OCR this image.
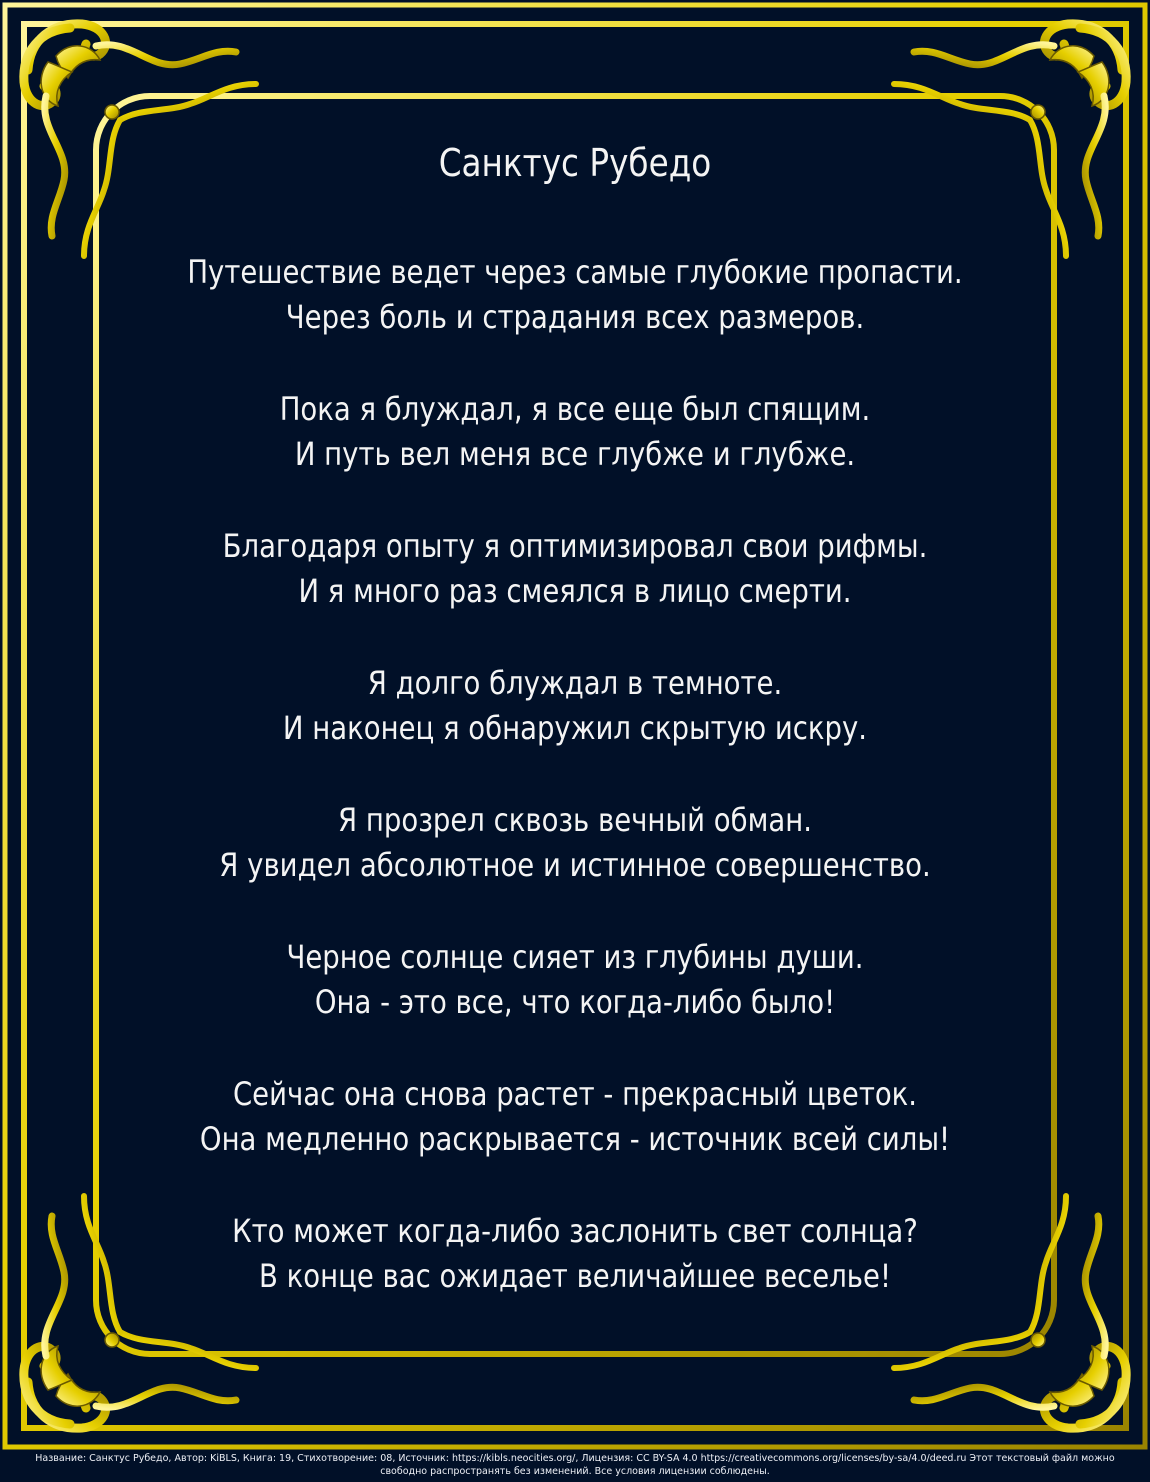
Санктус Рубедо
Путешествие ведет через самые глубокие пропасти.
Через боль и страдания всех размеров.
Пока я блуждал, я все еще был спящим.
И путь вел меня все глубже и глубже.
Благодаря опыту я оптимизировал свои рифмы.
И я много раз смеялся в лицо смерти.
Я долго блуждал в темноте.
И наконец я обнаружил скрытую искру.
Я прозрел сквозь вечный обман.
Я увидел абсолютное и истинное совершенство.
Черное солнце сияет из глубины души.
Она - это все, что когда-либо было!
Сейчас она снова растет - прекрасный цветок.
Она медленно раскрывается - источник всей силы!
Кто может когда-либо заслонить свет солнца?
В конце вас ожидает величайшее веселье!
Название: Санктус Рубедо, Автор: KiBLS, Книга: 19, Стихотворение: 08, Источник: https://kibls.neocities.org/, Лицензия: CC BY-SA 4.0 https://creativecommons.org/licenses/by-sa/4.0/deed.ru Этот текстовый файл можно
свободно распространять без изменений. Все условия лицензии соблюдены.
